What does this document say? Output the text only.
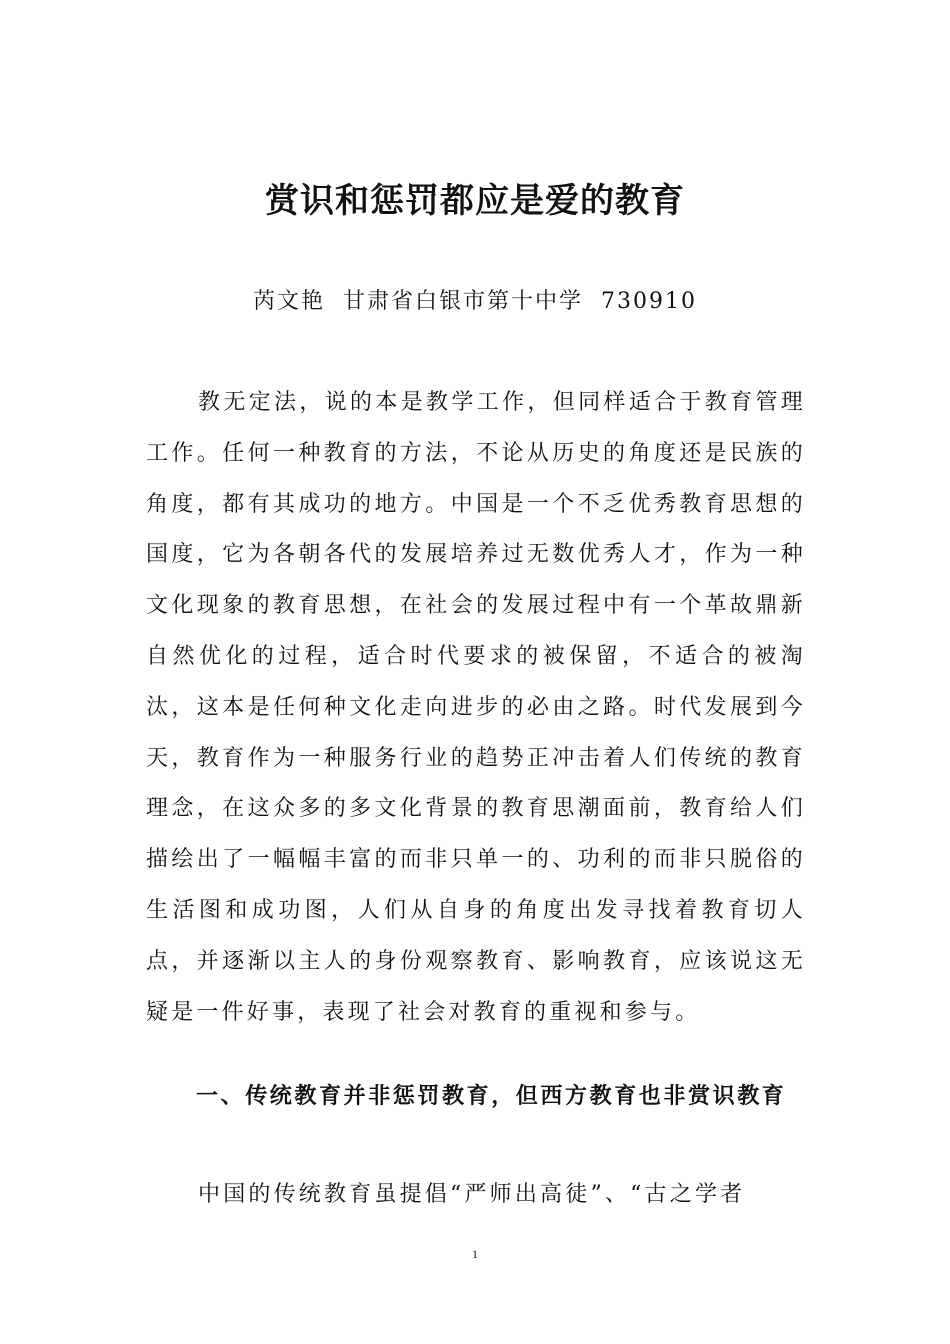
赏识和惩罚都应是爱的教育

芮文艳  甘肃省白银市第十中学  730910

教无定法，说的本是教学工作，但同样适合于教育管理工作。任何一种教育的方法，不论从历史的角度还是民族的角度，都有其成功的地方。中国是一个不乏优秀教育思想的国度，它为各朝各代的发展培养过无数优秀人才，作为一种文化现象的教育思想，在社会的发展过程中有一个革故鼎新自然优化的过程，适合时代要求的被保留，不适合的被淘汰，这本是任何种文化走向进步的必由之路。时代发展到今天，教育作为一种服务行业的趋势正冲击着人们传统的教育理念，在这众多的多文化背景的教育思潮面前，教育给人们描绘出了一幅幅丰富的而非只单一的、功利的而非只脱俗的生活图和成功图，人们从自身的角度出发寻找着教育切人点，并逐渐以主人的身份观察教育、影响教育，应该说这无疑是一件好事，表现了社会对教育的重视和参与。

一、传统教育并非惩罚教育，但西方教育也非赏识教育

中国的传统教育虽提倡“严师出高徒”、“古之学者

1
